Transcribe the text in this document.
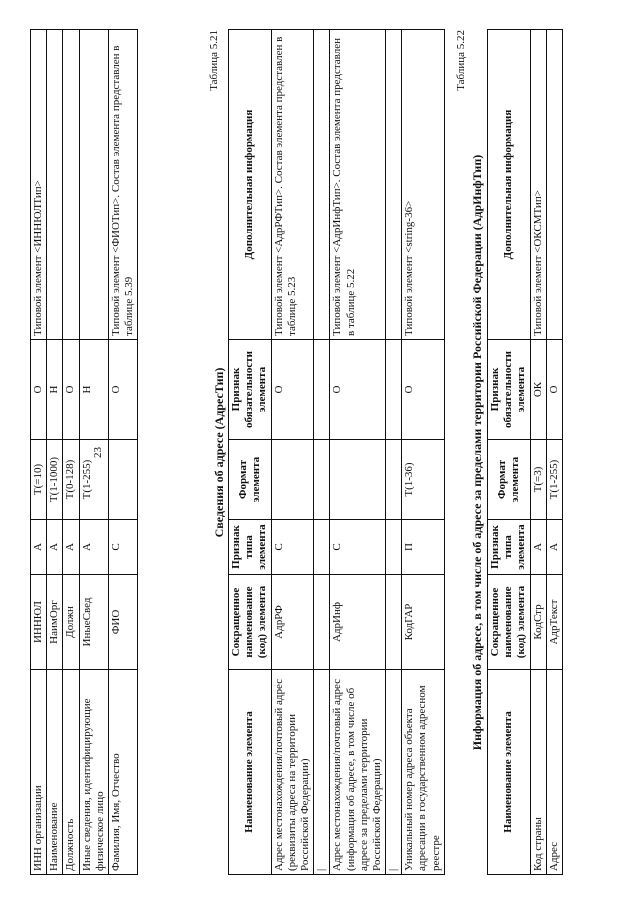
ИНН организации	ИННЮЛ	А	Т(=10)	О	Типовой элемент <ИННЮЛТип>
Наименование	НаимОрг	А	Т(1-1000)	Н	
Должность	Должн	А	Т(0-128)	О	
Иные сведения, идентифицирующие физическое лицо	ИныеСвед	А	Т(1-255)	Н	
Фамилия, Имя, Отчество	ФИО	С		О	Типовой элемент <ФИОТип>. Состав элемента представлен в таблице 5.39
23
Таблица 5.21
Сведения об адресе (АдресТип)
Наименование элемента	Сокращенное наименование (код) элемента	Признак типа элемента	Формат элемента	Признак обязательности элемента	Дополнительная информация
Адрес местонахождения/почтовый адрес (реквизиты адреса на территории Российской Федерации)	АдрРФ	С		О	Типовой элемент <АдрРФТип>. Состав элемента представлен в таблице 5.23
|					
Адрес местонахождения/почтовый адрес (информация об адресе, в том числе об адресе за пределами территории Российской Федерации)	АдрИнф	С		О	Типовой элемент <АдрИнфТип>. Состав элемента представлен в таблице 5.22
|					
Уникальный номер адреса объекта адресации в государственном адресном реестре	КодГАР	П	Т(1-36)	О	Типовой элемент <string-36>
Таблица 5.22
Информация об адресе, в том числе об адресе за пределами территории Российской Федерации (АдрИнфТип)
Наименование элемента	Сокращенное наименование (код) элемента	Признак типа элемента	Формат элемента	Признак обязательности элемента	Дополнительная информация
Код страны	КодСтр	А	Т(=3)	ОК	Типовой элемент <ОКСМТип>
Адрес	АдрТекст	А	Т(1-255)	О	
